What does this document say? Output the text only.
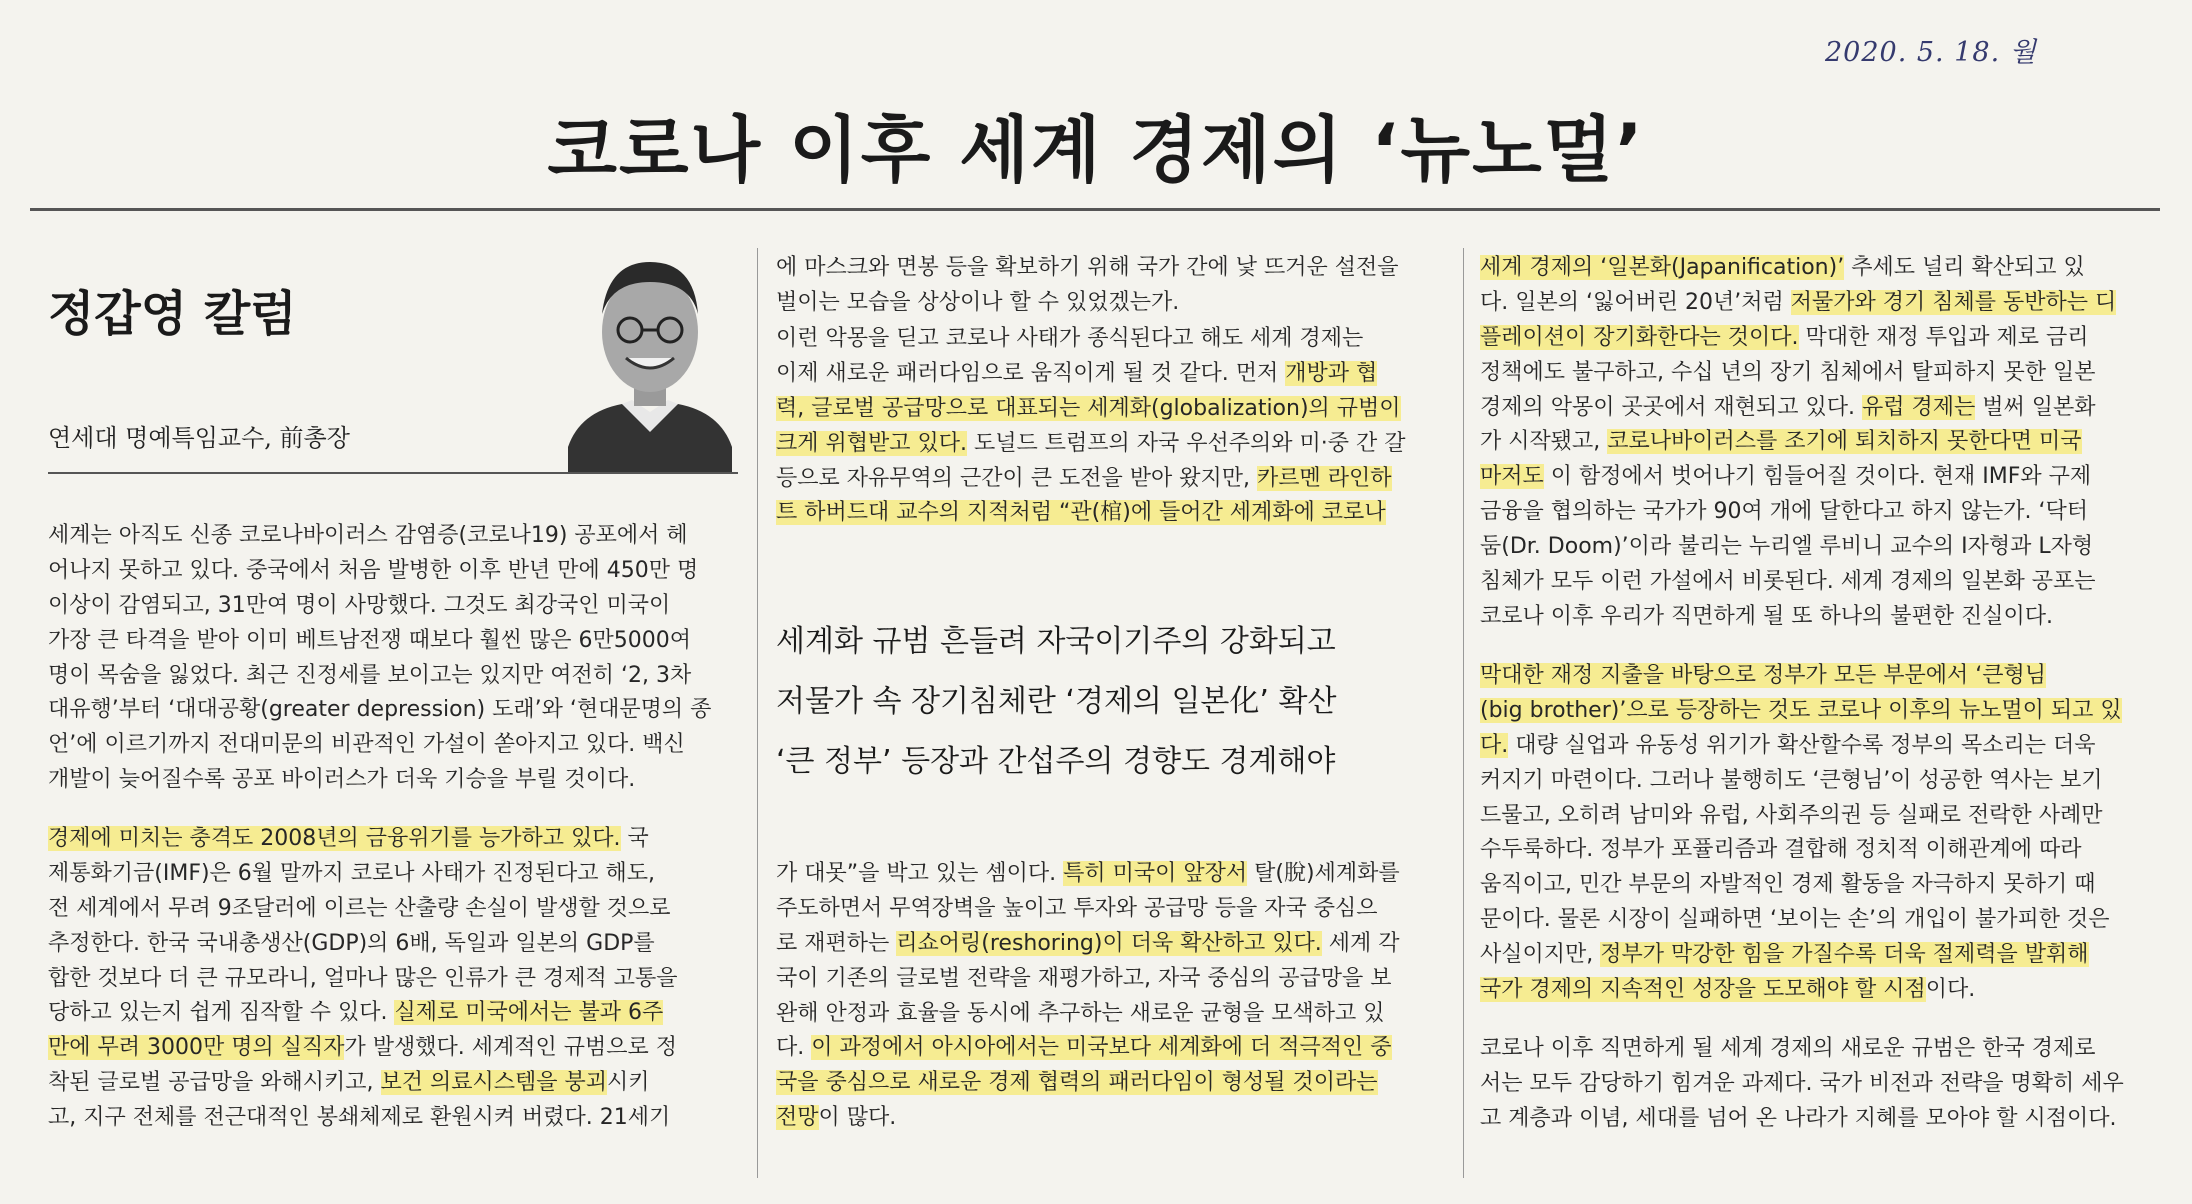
2020. 5. 18. 월
코로나 이후 세계 경제의 ‘뉴노멀’
정갑영 칼럼
연세대 명예특임교수, 前총장
세계는 아직도 신종 코로나바이러스 감염증(코로나19) 공포에서 헤
어나지 못하고 있다. 중국에서 처음 발병한 이후 반년 만에 450만 명
이상이 감염되고, 31만여 명이 사망했다. 그것도 최강국인 미국이
가장 큰 타격을 받아 이미 베트남전쟁 때보다 훨씬 많은 6만5000여
명이 목숨을 잃었다. 최근 진정세를 보이고는 있지만 여전히 ‘2, 3차
대유행’부터 ‘대대공황(greater depression) 도래’와 ‘현대문명의 종
언’에 이르기까지 전대미문의 비관적인 가설이 쏟아지고 있다. 백신
개발이 늦어질수록 공포 바이러스가 더욱 기승을 부릴 것이다.
경제에 미치는 충격도 2008년의 금융위기를 능가하고 있다. 국
제통화기금(IMF)은 6월 말까지 코로나 사태가 진정된다고 해도,
전 세계에서 무려 9조달러에 이르는 산출량 손실이 발생할 것으로
추정한다. 한국 국내총생산(GDP)의 6배, 독일과 일본의 GDP를
합한 것보다 더 큰 규모라니, 얼마나 많은 인류가 큰 경제적 고통을
당하고 있는지 쉽게 짐작할 수 있다. 실제로 미국에서는 불과 6주
만에 무려 3000만 명의 실직자가 발생했다. 세계적인 규범으로 정
착된 글로벌 공급망을 와해시키고, 보건 의료시스템을 붕괴시키
고, 지구 전체를 전근대적인 봉쇄체제로 환원시켜 버렸다. 21세기
에 마스크와 면봉 등을 확보하기 위해 국가 간에 낯 뜨거운 설전을
벌이는 모습을 상상이나 할 수 있었겠는가.
이런 악몽을 딛고 코로나 사태가 종식된다고 해도 세계 경제는
이제 새로운 패러다임으로 움직이게 될 것 같다. 먼저 개방과 협
력, 글로벌 공급망으로 대표되는 세계화(globalization)의 규범이
크게 위협받고 있다. 도널드 트럼프의 자국 우선주의와 미·중 간 갈
등으로 자유무역의 근간이 큰 도전을 받아 왔지만, 카르멘 라인하
트 하버드대 교수의 지적처럼 “관(棺)에 들어간 세계화에 코로나
세계화 규범 흔들려 자국이기주의 강화되고
저물가 속 장기침체란 ‘경제의 일본化’ 확산
‘큰 정부’ 등장과 간섭주의 경향도 경계해야
가 대못”을 박고 있는 셈이다. 특히 미국이 앞장서 탈(脫)세계화를
주도하면서 무역장벽을 높이고 투자와 공급망 등을 자국 중심으
로 재편하는 리쇼어링(reshoring)이 더욱 확산하고 있다. 세계 각
국이 기존의 글로벌 전략을 재평가하고, 자국 중심의 공급망을 보
완해 안정과 효율을 동시에 추구하는 새로운 균형을 모색하고 있
다. 이 과정에서 아시아에서는 미국보다 세계화에 더 적극적인 중
국을 중심으로 새로운 경제 협력의 패러다임이 형성될 것이라는
전망이 많다.
세계 경제의 ‘일본화(Japanification)’ 추세도 널리 확산되고 있
다. 일본의 ‘잃어버린 20년’처럼 저물가와 경기 침체를 동반하는 디
플레이션이 장기화한다는 것이다. 막대한 재정 투입과 제로 금리
정책에도 불구하고, 수십 년의 장기 침체에서 탈피하지 못한 일본
경제의 악몽이 곳곳에서 재현되고 있다. 유럽 경제는 벌써 일본화
가 시작됐고, 코로나바이러스를 조기에 퇴치하지 못한다면 미국
마저도 이 함정에서 벗어나기 힘들어질 것이다. 현재 IMF와 구제
금융을 협의하는 국가가 90여 개에 달한다고 하지 않는가. ‘닥터
둠(Dr. Doom)’이라 불리는 누리엘 루비니 교수의 I자형과 L자형
침체가 모두 이런 가설에서 비롯된다. 세계 경제의 일본화 공포는
코로나 이후 우리가 직면하게 될 또 하나의 불편한 진실이다.
막대한 재정 지출을 바탕으로 정부가 모든 부문에서 ‘큰형님
(big brother)’으로 등장하는 것도 코로나 이후의 뉴노멀이 되고 있
다. 대량 실업과 유동성 위기가 확산할수록 정부의 목소리는 더욱
커지기 마련이다. 그러나 불행히도 ‘큰형님’이 성공한 역사는 보기
드물고, 오히려 남미와 유럽, 사회주의권 등 실패로 전락한 사례만
수두룩하다. 정부가 포퓰리즘과 결합해 정치적 이해관계에 따라
움직이고, 민간 부문의 자발적인 경제 활동을 자극하지 못하기 때
문이다. 물론 시장이 실패하면 ‘보이는 손’의 개입이 불가피한 것은
사실이지만, 정부가 막강한 힘을 가질수록 더욱 절제력을 발휘해
국가 경제의 지속적인 성장을 도모해야 할 시점이다.
코로나 이후 직면하게 될 세계 경제의 새로운 규범은 한국 경제로
서는 모두 감당하기 힘겨운 과제다. 국가 비전과 전략을 명확히 세우
고 계층과 이념, 세대를 넘어 온 나라가 지혜를 모아야 할 시점이다.
